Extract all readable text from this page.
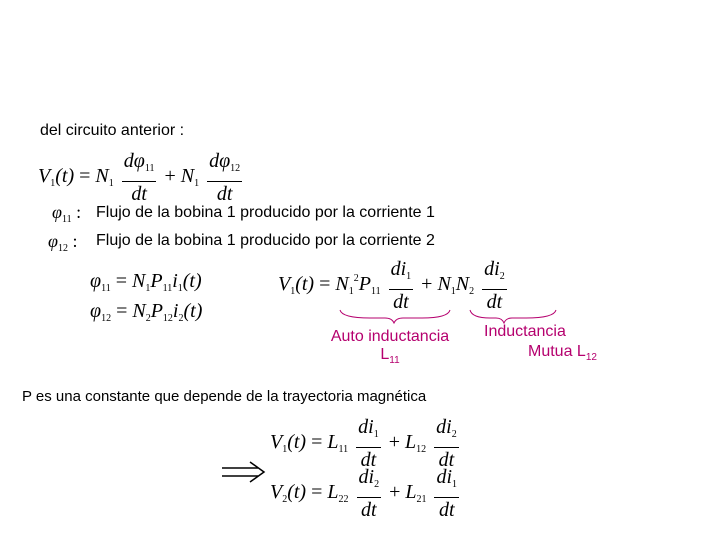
del circuito anterior :
$V_1(t) = N_1 \frac{d\varphi_{11}}{dt} + N_1 \frac{d\varphi_{12}}{dt}$
$\varphi_{11}$ : Flujo de la bobina 1 producido por la corriente 1
$\varphi_{12}$ : Flujo de la bobina 1 producido por la corriente 2
$\varphi_{11} = N_1P_{11}i_1(t)$
$\varphi_{12} = N_2P_{12}i_2(t)$
$V_1(t) = N_1^2P_{11} \frac{di_1}{dt} + N_1N_2 \frac{di_2}{dt}$
Auto inductancia
$L_{11}$
Inductancia
Mutua $L_{12}$
P es una constante que depende de la trayectoria magnética
$V_1(t) = L_{11} \frac{di_1}{dt} + L_{12} \frac{di_2}{dt}$
$V_2(t) = L_{22} \frac{di_2}{dt} + L_{21} \frac{di_1}{dt}$
